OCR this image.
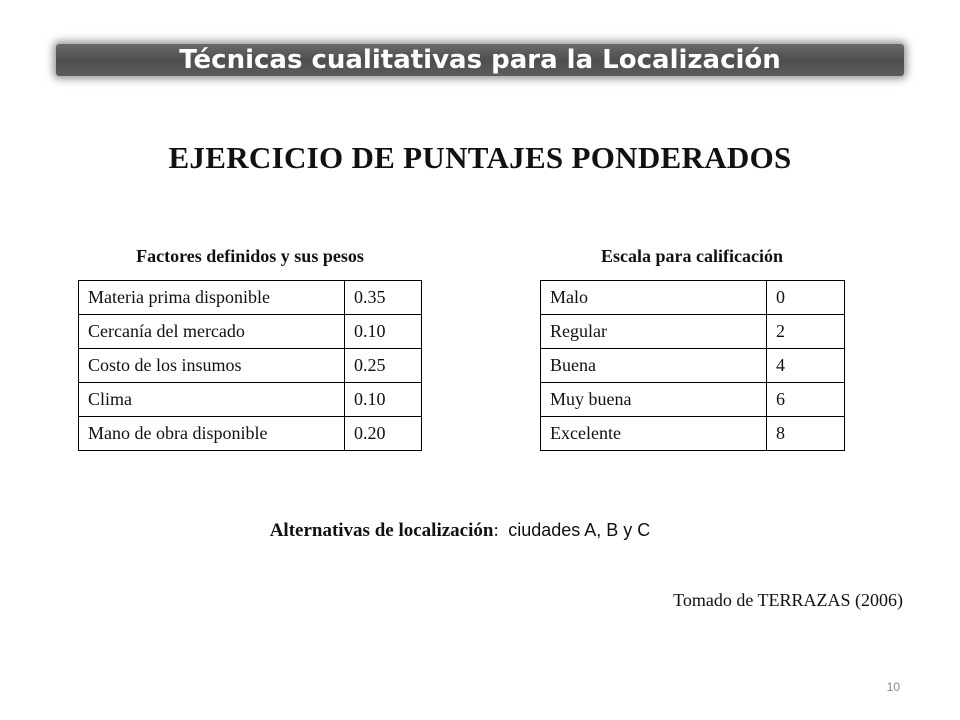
Técnicas cualitativas para la Localización
EJERCICIO DE PUNTAJES PONDERADOS
Factores definidos y sus pesos	Escala para calificación
Materia prima disponible	0.35
Cercanía del mercado	0.10
Costo de los insumos	0.25
Clima	0.10
Mano de obra disponible	0.20
Malo	0
Regular	2
Buena	4
Muy buena	6
Excelente	8
Alternativas de localización: ciudades A, B y C
Tomado de TERRAZAS (2006)
10
